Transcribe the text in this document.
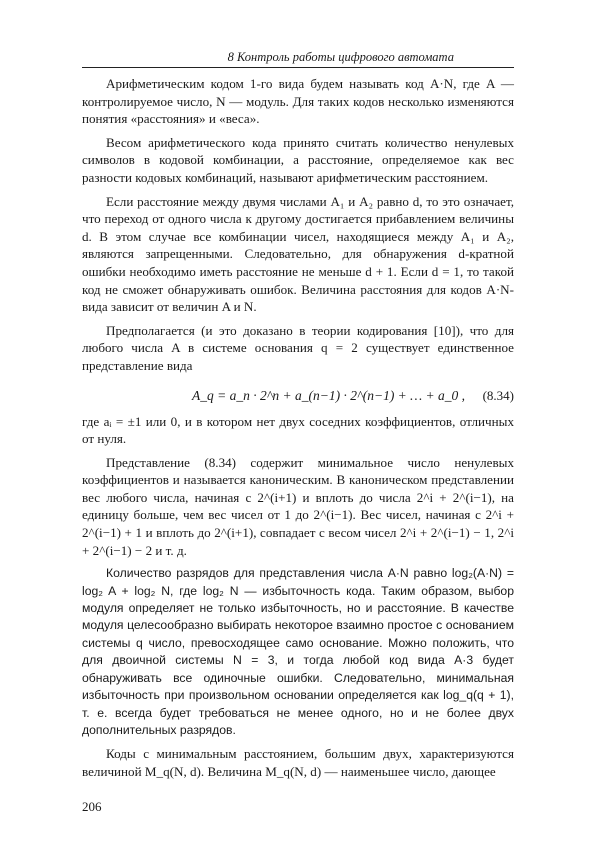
8 Контроль работы цифрового автомата

Арифметическим кодом 1-го вида будем называть код A·N, где A — контролируемое число, N — модуль. Для таких кодов несколько изменяются понятия «расстояния» и «веса».

Весом арифметического кода принято считать количество ненулевых символов в кодовой комбинации, а расстояние, определяемое как вес разности кодовых комбинаций, называют арифметическим расстоянием.

Если расстояние между двумя числами A₁ и A₂ равно d, то это означает, что переход от одного числа к другому достигается прибавлением величины d. В этом случае все комбинации чисел, находящиеся между A₁ и A₂, являются запрещенными. Следовательно, для обнаружения d-кратной ошибки необходимо иметь расстояние не меньше d + 1. Если d = 1, то такой код не сможет обнаруживать ошибок. Величина расстояния для кодов A·N-вида зависит от величин A и N.

Предполагается (и это доказано в теории кодирования [10]), что для любого числа A в системе основания q = 2 существует единственное представление вида

A_q = a_n · 2^n + a_(n−1) · 2^(n−1) + … + a_0 , (8.34)

где aᵢ = ±1 или 0, и в котором нет двух соседних коэффициентов, отличных от нуля.

Представление (8.34) содержит минимальное число ненулевых коэффициентов и называется каноническим. В каноническом представлении вес любого числа, начиная с 2^(i+1) и вплоть до числа 2^i + 2^(i−1), на единицу больше, чем вес чисел от 1 до 2^(i−1). Вес чисел, начиная с 2^i + 2^(i−1) + 1 и вплоть до 2^(i+1), совпадает с весом чисел 2^i + 2^(i−1) − 1, 2^i + 2^(i−1) − 2 и т. д.

Количество разрядов для представления числа A·N равно log₂(A·N) = log₂ A + log₂ N, где log₂ N — избыточность кода. Таким образом, выбор модуля определяет не только избыточность, но и расстояние. В качестве модуля целесообразно выбирать некоторое взаимно простое с основанием системы q число, превосходящее само основание. Можно положить, что для двоичной системы N = 3, и тогда любой код вида A·3 будет обнаруживать все одиночные ошибки. Следовательно, минимальная избыточность при произвольном основании определяется как log_q(q + 1), т. е. всегда будет требоваться не менее одного, но и не более двух дополнительных разрядов.

Коды с минимальным расстоянием, большим двух, характеризуются величиной M_q(N, d). Величина M_q(N, d) — наименьшее число, дающее

206
